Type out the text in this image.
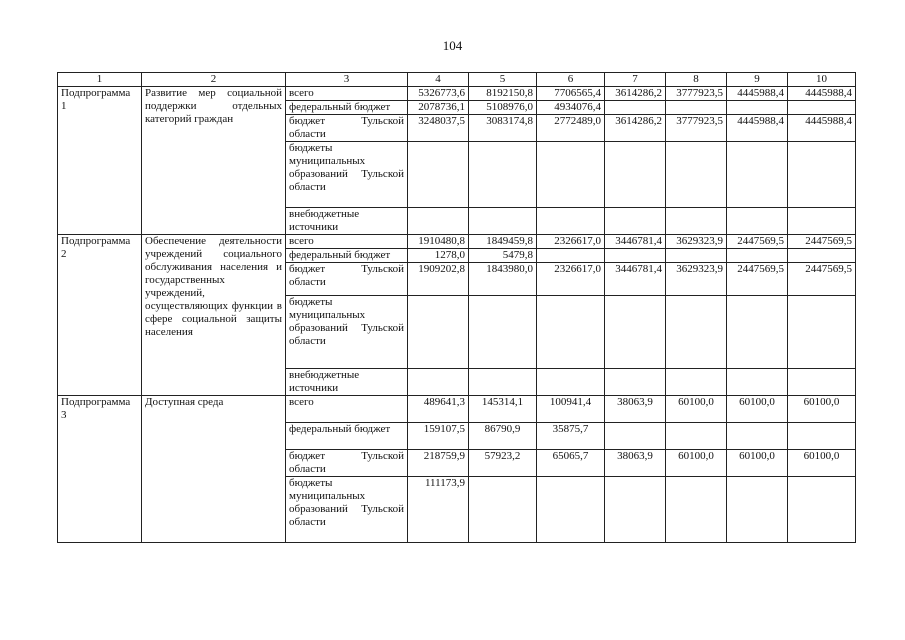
104
1	2	3	4	5	6	7	8	9	10
Подпрограмма 1	Развитие мер социальной поддержки отдельных категорий граждан	всего	5326773,6	8192150,8	7706565,4	3614286,2	3777923,5	4445988,4	4445988,4
		федеральный бюджет	2078736,1	5108976,0	4934076,4				

		бюджет Тульской области	3248037,5	3083174,8	2772489,0	3614286,2	3777923,5	4445988,4	4445988,4
		бюджеты муниципальных образований Тульской области							
		внебюджетные источники							
Подпрограмма 2	Обеспечение деятельности учреждений социального обслуживания населения и государственных учреждений, осуществляющих функции в сфере социальной защиты населения	всего	1910480,8	1849459,8	2326617,0	3446781,4	3629323,9	2447569,5	2447569,5
		федеральный бюджет	1278,0	5479,8					

		бюджет Тульской области	1909202,8	1843980,0	2326617,0	3446781,4	3629323,9	2447569,5	2447569,5
		бюджеты муниципальных образований Тульской области							
		внебюджетные источники							
Подпрограмма 3	Доступная среда	всего	489641,3	145314,1	100941,4	38063,9	60100,0	60100,0	60100,0
		федеральный бюджет	159107,5	86790,9	35875,7				

		бюджет Тульской области	218759,9	57923,2	65065,7	38063,9	60100,0	60100,0	60100,0
		бюджеты муниципальных образований Тульской области	111173,9						
